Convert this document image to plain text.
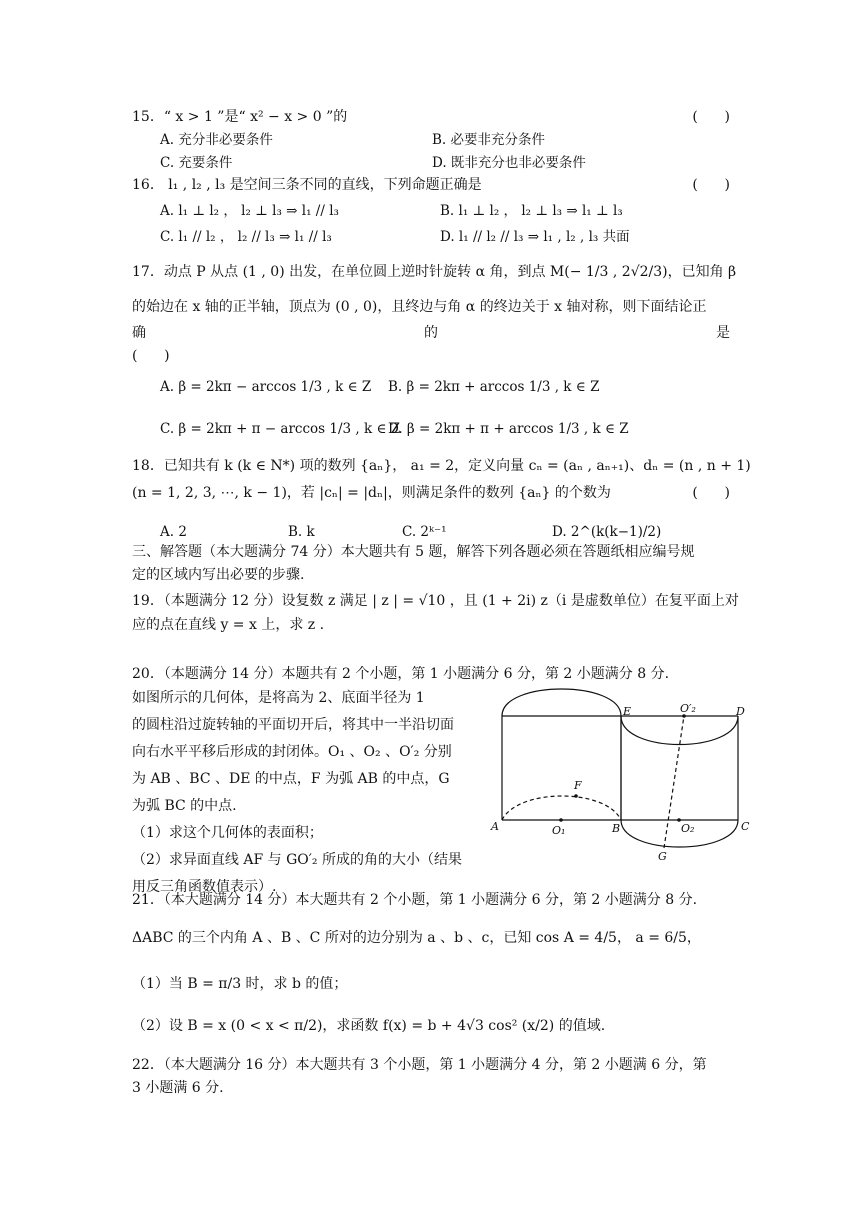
15．“ x > 1 ”是“ x² − x > 0 ”的	(      )
A. 充分非必要条件	B. 必要非充分条件
C. 充要条件	D. 既非充分也非必要条件
16． l₁ , l₂ , l₃ 是空间三条不同的直线，下列命题正确是	(      )
A. l₁ ⊥ l₂ ， l₂ ⊥ l₃ ⇒ l₁ // l₃	B. l₁ ⊥ l₂ ， l₂ ⊥ l₃ ⇒ l₁ ⊥ l₃
C. l₁ // l₂ ， l₂ // l₃ ⇒ l₁ // l₃	D. l₁ // l₂ // l₃ ⇒ l₁ , l₂ , l₃ 共面
17．动点 P 从点 (1 , 0) 出发，在单位圆上逆时针旋转 α 角，到点 M(− 1/3 , 2√2/3)，已知角 β
的始边在 x 轴的正半轴，顶点为 (0 , 0)，且终边与角 α 的终边关于 x 轴对称，则下面结论正
确	的	是
(      )
A. β = 2kπ − arccos 1/3 , k ∈ Z B. β = 2kπ + arccos 1/3 , k ∈ Z
C. β = 2kπ + π − arccos 1/3 , k ∈ Z
D. β = 2kπ + π + arccos 1/3 , k ∈ Z
18．已知共有 k (k ∈ N*) 项的数列 {aₙ}， a₁ = 2，定义向量 cₙ = (aₙ , aₙ₊₁)、dₙ = (n , n + 1)
(n = 1, 2, 3, ⋯, k − 1)，若 |cₙ| = |dₙ|，则满足条件的数列 {aₙ} 的个数为	(      )
A. 2	B. k	C. 2ᵏ⁻¹	D. 2^(k(k−1)/2)
三、解答题（本大题满分 74 分）本大题共有 5 题，解答下列各题必须在答题纸相应编号规
定的区域内写出必要的步骤.
19．（本题满分 12 分）设复数 z 满足 | z | = √10 ，且 (1 + 2i) z（i 是虚数单位）在复平面上对
应的点在直线 y = x 上，求 z .
20．（本题满分 14 分）本题共有 2 个小题，第 1 小题满分 6 分，第 2 小题满分 8 分.
如图所示的几何体，是将高为 2、底面半径为 1
的圆柱沿过旋转轴的平面切开后，将其中一半沿切面
向右水平平移后形成的封闭体。O₁ 、O₂ 、O′₂ 分别
为 AB 、BC 、DE 的中点，F 为弧 AB 的中点，G
为弧 BC 的中点.
（1）求这个几何体的表面积；
（2）求异面直线 AF 与 GO′₂ 所成的角的大小（结果
用反三角函数值表示）.
A	B	C
D
E
F
G
O₁	O₂
O′₂
21．（本大题满分 14 分）本大题共有 2 个小题，第 1 小题满分 6 分，第 2 小题满分 8 分.
ΔABC 的三个内角 A 、B 、C 所对的边分别为 a 、b 、c，已知 cos A = 4/5， a = 6/5，
（1）当 B = π/3 时，求 b 的值；
（2）设 B = x (0 < x < π/2)，求函数 f(x) = b + 4√3 cos² (x/2) 的值域.
22．（本大题满分 16 分）本大题共有 3 个小题，第 1 小题满分 4 分，第 2 小题满 6 分，第
3 小题满 6 分.
